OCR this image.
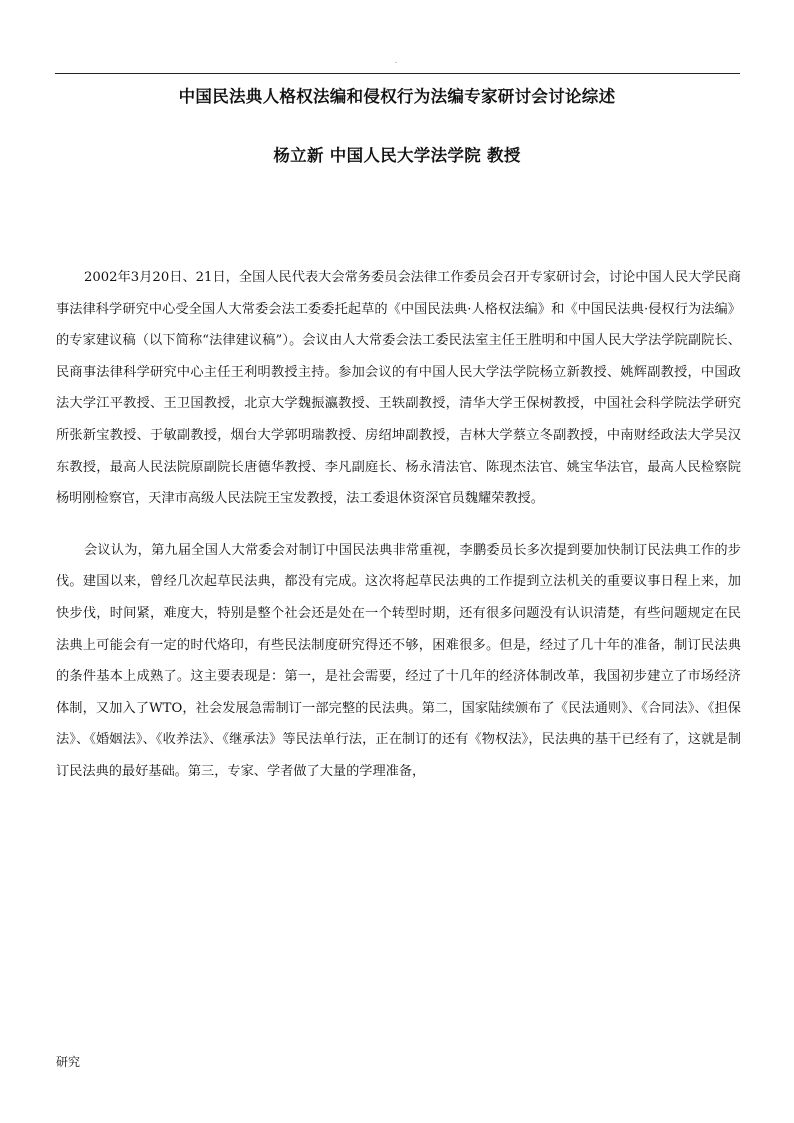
.
中国民法典人格权法编和侵权行为法编专家研讨会讨论综述
杨立新 中国人民大学法学院 教授

2002年3月20日、21日，全国人民代表大会常务委员会法律工作委员会召开专家研讨会，讨论中国人民大学民商事法律科学研究中心受全国人大常委会法工委委托起草的《中国民法典·人格权法编》和《中国民法典·侵权行为法编》的专家建议稿（以下简称“法律建议稿”）。会议由人大常委会法工委民法室主任王胜明和中国人民大学法学院副院长、民商事法律科学研究中心主任王利明教授主持。参加会议的有中国人民大学法学院杨立新教授、姚辉副教授，中国政法大学江平教授、王卫国教授，北京大学魏振瀛教授、王轶副教授，清华大学王保树教授，中国社会科学院法学研究所张新宝教授、于敏副教授，烟台大学郭明瑞教授、房绍坤副教授，吉林大学蔡立冬副教授，中南财经政法大学吴汉东教授，最高人民法院原副院长唐德华教授、李凡副庭长、杨永清法官、陈现杰法官、姚宝华法官，最高人民检察院杨明刚检察官，天津市高级人民法院王宝发教授，法工委退休资深官员魏耀荣教授。

会议认为，第九届全国人大常委会对制订中国民法典非常重视，李鹏委员长多次提到要加快制订民法典工作的步伐。建国以来，曾经几次起草民法典，都没有完成。这次将起草民法典的工作提到立法机关的重要议事日程上来，加快步伐，时间紧，难度大，特别是整个社会还是处在一个转型时期，还有很多问题没有认识清楚，有些问题规定在民法典上可能会有一定的时代烙印，有些民法制度研究得还不够，困难很多。但是，经过了几十年的准备，制订民法典的条件基本上成熟了。这主要表现是：第一，是社会需要，经过了十几年的经济体制改革，我国初步建立了市场经济体制，又加入了WTO，社会发展急需制订一部完整的民法典。第二，国家陆续颁布了《民法通则》、《合同法》、《担保法》、《婚姻法》、《收养法》、《继承法》等民法单行法，正在制订的还有《物权法》，民法典的基干已经有了，这就是制订民法典的最好基础。第三，专家、学者做了大量的学理准备，

研究
